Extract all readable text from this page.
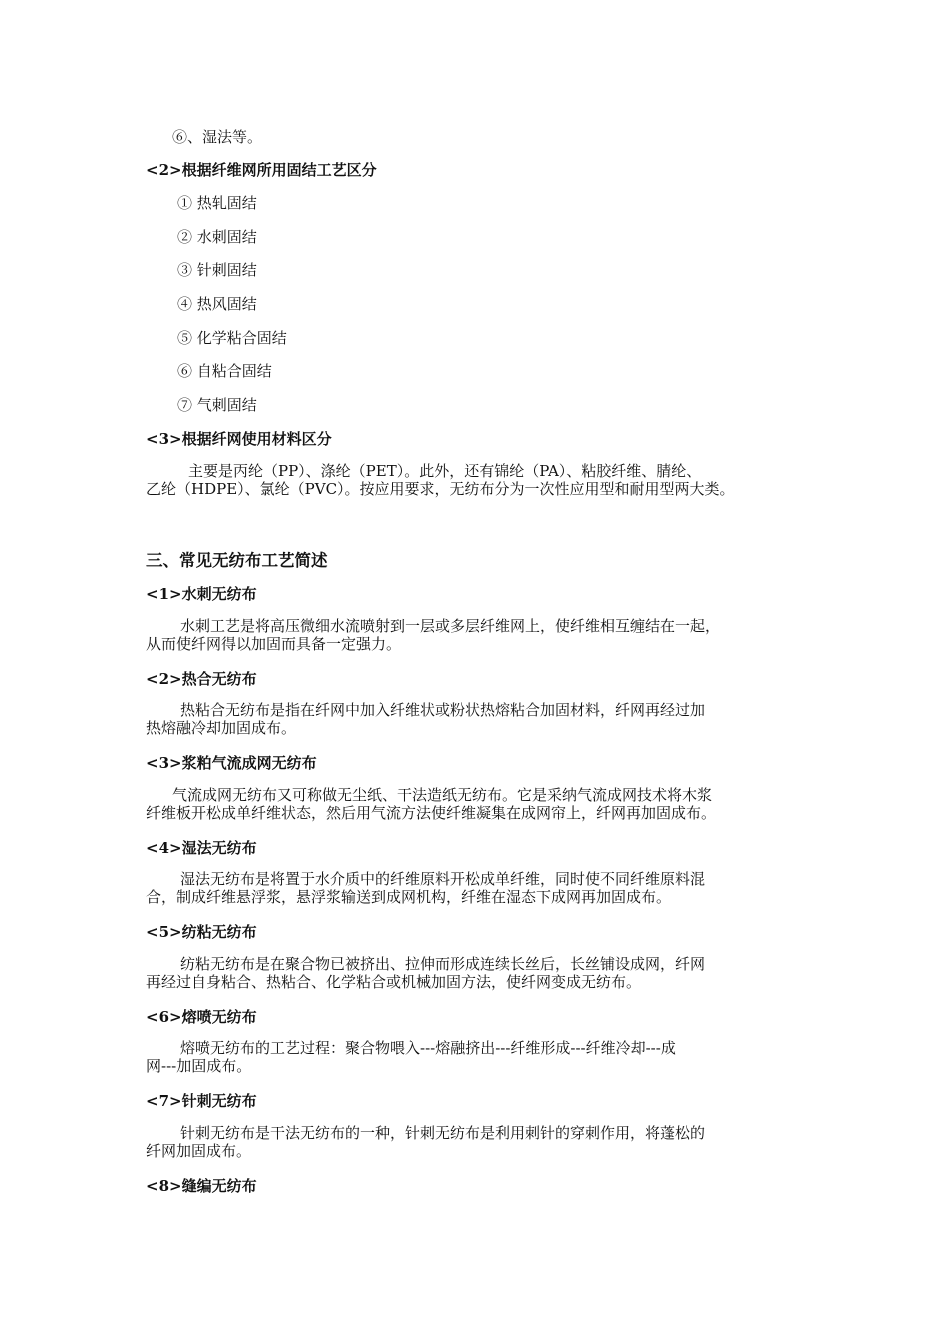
⑥、湿法等。
<2>根据纤维网所用固结工艺区分
① 热轧固结
② 水刺固结
③ 针刺固结
④ 热风固结
⑤ 化学粘合固结
⑥ 自粘合固结
⑦ 气刺固结
<3>根据纤网使用材料区分
主要是丙纶（PP）、涤纶（PET）。此外，还有锦纶（PA）、粘胶纤维、腈纶、
乙纶（HDPE）、氯纶（PVC）。按应用要求，无纺布分为一次性应用型和耐用型两大类。
三、常见无纺布工艺简述
<1>水刺无纺布
水刺工艺是将高压微细水流喷射到一层或多层纤维网上，使纤维相互缠结在一起，
从而使纤网得以加固而具备一定强力。
<2>热合无纺布
热粘合无纺布是指在纤网中加入纤维状或粉状热熔粘合加固材料，纤网再经过加
热熔融冷却加固成布。
<3>浆粕气流成网无纺布
气流成网无纺布又可称做无尘纸、干法造纸无纺布。它是采纳气流成网技术将木浆
纤维板开松成单纤维状态，然后用气流方法使纤维凝集在成网帘上，纤网再加固成布。
<4>湿法无纺布
湿法无纺布是将置于水介质中的纤维原料开松成单纤维，同时使不同纤维原料混
合，制成纤维悬浮浆，悬浮浆输送到成网机构，纤维在湿态下成网再加固成布。
<5>纺粘无纺布
纺粘无纺布是在聚合物已被挤出、拉伸而形成连续长丝后，长丝铺设成网，纤网
再经过自身粘合、热粘合、化学粘合或机械加固方法，使纤网变成无纺布。
<6>熔喷无纺布
熔喷无纺布的工艺过程：聚合物喂入---熔融挤出---纤维形成---纤维冷却---成
网---加固成布。
<7>针刺无纺布
针刺无纺布是干法无纺布的一种，针刺无纺布是利用刺针的穿刺作用，将蓬松的
纤网加固成布。
<8>缝编无纺布
